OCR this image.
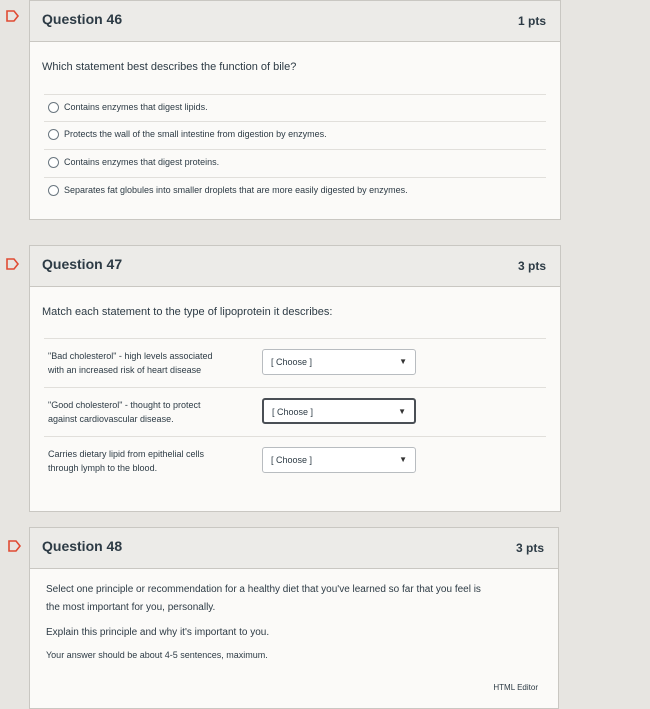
Question 46	1 pts
Which statement best describes the function of bile?
Contains enzymes that digest lipids.
Protects the wall of the small intestine from digestion by enzymes.
Contains enzymes that digest proteins.
Separates fat globules into smaller droplets that are more easily digested by enzymes.
Question 47	3 pts
Match each statement to the type of lipoprotein it describes:
"Bad cholesterol" - high levels associated
with an increased risk of heart disease
[ Choose ]	▼
"Good cholesterol" - thought to protect
against cardiovascular disease.
[ Choose ]	▼
Carries dietary lipid from epithelial cells
through lymph to the blood.
[ Choose ]	▼
Question 48	3 pts
Select one principle or recommendation for a healthy diet that you've learned so far that you feel is
the most important for you, personally.
Explain this principle and why it's important to you.
Your answer should be about 4-5 sentences, maximum.
HTML Editor
